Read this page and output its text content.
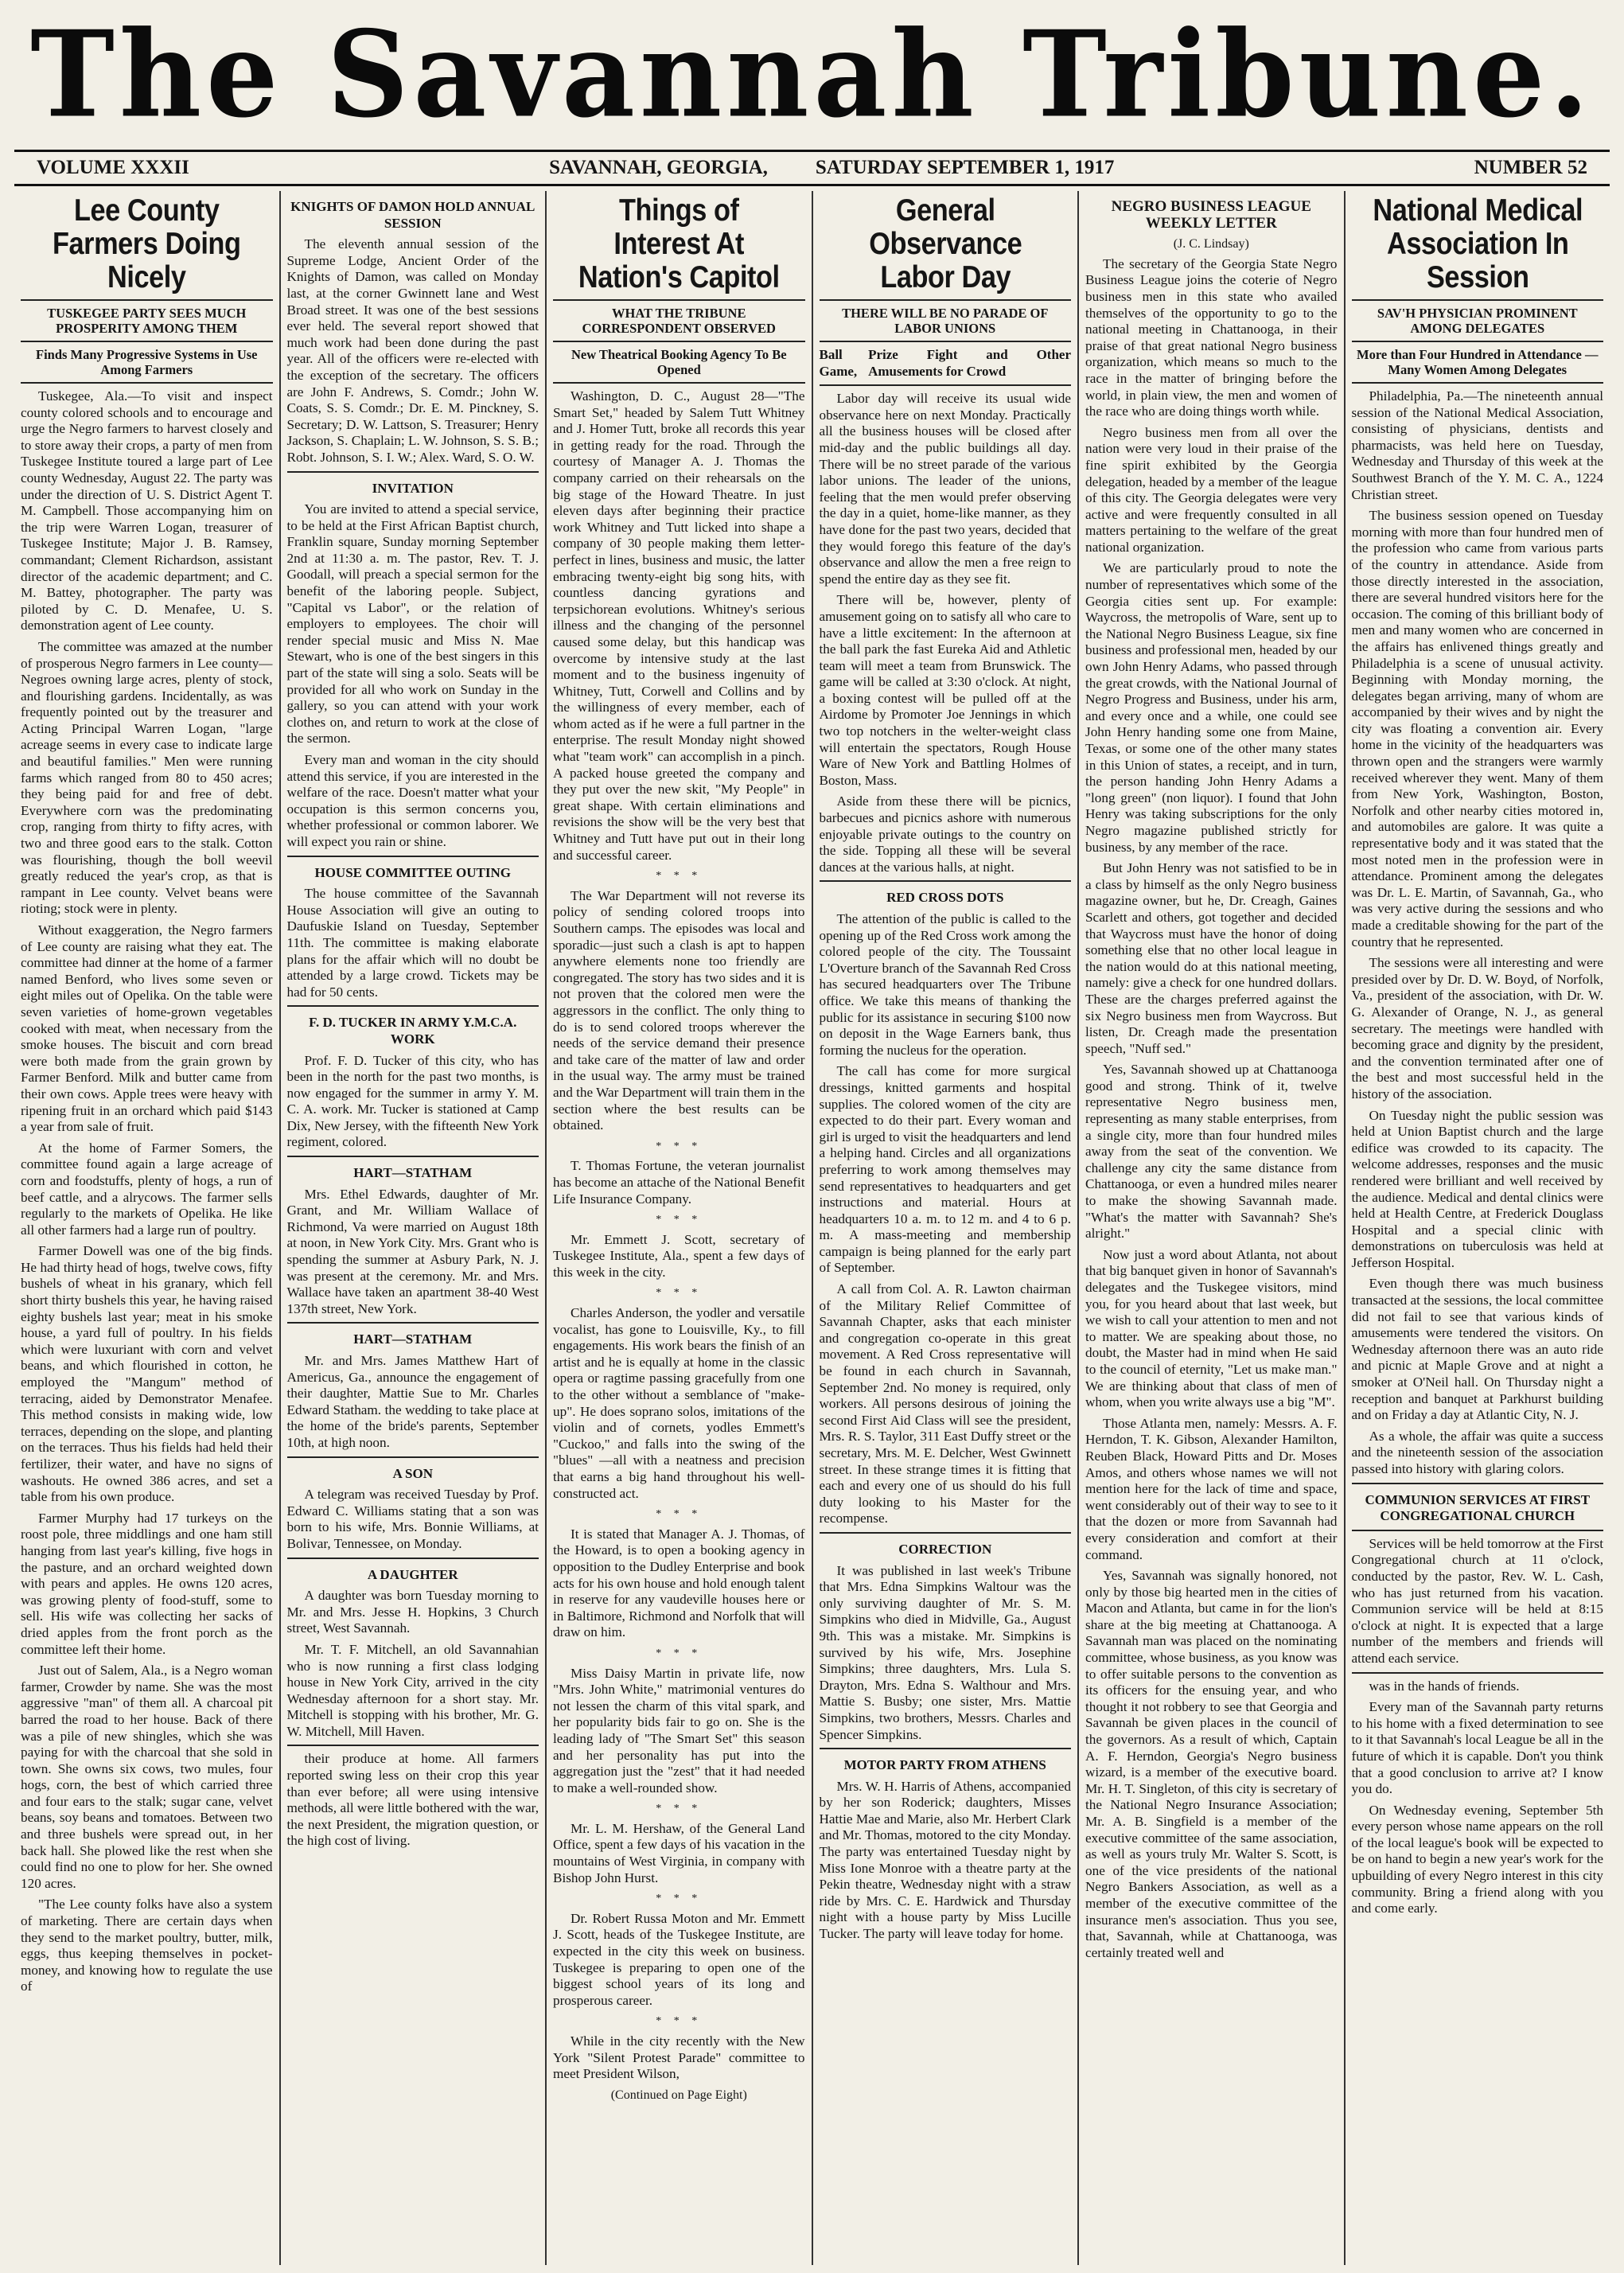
The Savannah Tribune.
VOLUME XXXII	SAVANNAH, GEORGIA, SATURDAY SEPTEMBER 1, 1917	NUMBER 52
Lee County Farmers Doing Nicely
TUSKEGEE PARTY SEES MUCH PROSPERITY AMONG THEM
Finds Many Progressive Systems in Use Among Farmers

Tuskegee, Ala.—To visit and inspect county colored schools and to encourage and urge the Negro farmers to harvest closely and to store away their crops, a party of men from Tuskegee Institute toured a large part of Lee county Wednesday, August 22. The party was under the direction of U. S. District Agent T. M. Campbell. Those accompanying him on the trip were Warren Logan, treasurer of Tuskegee Institute; Major J. B. Ramsey, commandant; Clement Richardson, assistant director of the academic department; and C. M. Battey, photographer. The party was piloted by C. D. Menafee, U. S. demonstration agent of Lee county.

The committee was amazed at the number of prosperous Negro farmers in Lee county—Negroes owning large acres, plenty of stock, and flourishing gardens. Incidentally, as was frequently pointed out by the treasurer and Acting Principal Warren Logan, "large acreage seems in every case to indicate large and beautiful families." Men were running farms which ranged from 80 to 450 acres; they being paid for and free of debt. Everywhere corn was the predominating crop, ranging from thirty to fifty acres, with two and three good ears to the stalk. Cotton was flourishing, though the boll weevil greatly reduced the year's crop, as that is rampant in Lee county. Velvet beans were rioting; stock were in plenty.

Without exaggeration, the Negro farmers of Lee county are raising what they eat. The committee had dinner at the home of a farmer named Benford, who lives some seven or eight miles out of Opelika. On the table were seven varieties of home-grown vegetables cooked with meat, when necessary from the smoke houses. The biscuit and corn bread were both made from the grain grown by Farmer Benford. Milk and butter came from their own cows. Apple trees were heavy with ripening fruit in an orchard which paid $143 a year from sale of fruit.

At the home of Farmer Somers, the committee found again a large acreage of corn and foodstuffs, plenty of hogs, a run of beef cattle, and a alrycows. The farmer sells regularly to the markets of Opelika. He like all other farmers had a large run of poultry.

Farmer Dowell was one of the big finds. He had thirty head of hogs, twelve cows, fifty bushels of wheat in his granary, which fell short thirty bushels this year, he having raised eighty bushels last year; meat in his smoke house, a yard full of poultry. In his fields which were luxuriant with corn and velvet beans, and which flourished in cotton, he employed the "Mangum" method of terracing, aided by Demonstrator Menafee. This method consists in making wide, low terraces, depending on the slope, and planting on the terraces. Thus his fields had held their fertilizer, their water, and have no signs of washouts. He owned 386 acres, and set a table from his own produce.

Farmer Murphy had 17 turkeys on the roost pole, three middlings and one ham still hanging from last year's killing, five hogs in the pasture, and an orchard weighted down with pears and apples. He owns 120 acres, was growing plenty of food-stuff, some to sell. His wife was collecting her sacks of dried apples from the front porch as the committee left their home.

Just out of Salem, Ala., is a Negro woman farmer, Crowder by name. She was the most aggressive "man" of them all. A charcoal pit barred the road to her house. Back of there was a pile of new shingles, which she was paying for with the charcoal that she sold in town. She owns six cows, two mules, four hogs, corn, the best of which carried three and four ears to the stalk; sugar cane, velvet beans, soy beans and tomatoes. Between two and three bushels were spread out, in her back hall. She plowed like the rest when she could find no one to plow for her. She owned 120 acres.

"The Lee county folks have also a system of marketing. There are certain days when they send to the market poultry, butter, milk, eggs, thus keeping themselves in pocket-money, and knowing how to regulate the use of

KNIGHTS OF DAMON HOLD ANNUAL SESSION

The eleventh annual session of the Supreme Lodge, Ancient Order of the Knights of Damon, was called on Monday last, at the corner Gwinnett lane and West Broad street. It was one of the best sessions ever held. The several report showed that much work had been done during the past year. All of the officers were re-elected with the exception of the secretary. The officers are John F. Andrews, S. Comdr.; John W. Coats, S. S. Comdr.; Dr. E. M. Pinckney, S. Secretary; D. W. Lattson, S. Treasurer; Henry Jackson, S. Chaplain; L. W. Johnson, S. S. B.; Robt. Johnson, S. I. W.; Alex. Ward, S. O. W.

INVITATION

You are invited to attend a special service, to be held at the First African Baptist church, Franklin square, Sunday morning September 2nd at 11:30 a. m. The pastor, Rev. T. J. Goodall, will preach a special sermon for the benefit of the laboring people. Subject, "Capital vs Labor", or the relation of employers to employees. The choir will render special music and Miss N. Mae Stewart, who is one of the best singers in this part of the state will sing a solo. Seats will be provided for all who work on Sunday in the gallery, so you can attend with your work clothes on, and return to work at the close of the sermon.

Every man and woman in the city should attend this service, if you are interested in the welfare of the race. Doesn't matter what your occupation is this sermon concerns you, whether professional or common laborer. We will expect you rain or shine.

HOUSE COMMITTEE OUTING

The house committee of the Savannah House Association will give an outing to Daufuskie Island on Tuesday, September 11th. The committee is making elaborate plans for the affair which will no doubt be attended by a large crowd. Tickets may be had for 50 cents.

F. D. TUCKER IN ARMY Y.M.C.A. WORK

Prof. F. D. Tucker of this city, who has been in the north for the past two months, is now engaged for the summer in army Y. M. C. A. work. Mr. Tucker is stationed at Camp Dix, New Jersey, with the fifteenth New York regiment, colored.

HART—STATHAM

Mrs. Ethel Edwards, daughter of Mr. Grant, and Mr. William Wallace of Richmond, Va were married on August 18th at noon, in New York City. Mrs. Grant who is spending the summer at Asbury Park, N. J. was present at the ceremony. Mr. and Mrs. Wallace have taken an apartment 38-40 West 137th street, New York.

HART—STATHAM

Mr. and Mrs. James Matthew Hart of Americus, Ga., announce the engagement of their daughter, Mattie Sue to Mr. Charles Edward Statham. the wedding to take place at the home of the bride's parents, September 10th, at high noon.

A SON

A telegram was received Tuesday by Prof. Edward C. Williams stating that a son was born to his wife, Mrs. Bonnie Williams, at Bolivar, Tennessee, on Monday.

A DAUGHTER

A daughter was born Tuesday morning to Mr. and Mrs. Jesse H. Hopkins, 3 Church street, West Savannah.

Mr. T. F. Mitchell, an old Savannahian who is now running a first class lodging house in New York City, arrived in the city Wednesday afternoon for a short stay. Mr. Mitchell is stopping with his brother, Mr. G. W. Mitchell, Mill Haven.

their produce at home. All farmers reported swing less on their crop this year than ever before; all were using intensive methods, all were little bothered with the war, the next President, the migration question, or the high cost of living.

Things of Interest At Nation's Capitol
WHAT THE TRIBUNE CORRESPONDENT OBSERVED
New Theatrical Booking Agency To Be Opened

Washington, D. C., August 28—"The Smart Set," headed by Salem Tutt Whitney and J. Homer Tutt, broke all records this year in getting ready for the road. Through the courtesy of Manager A. J. Thomas the company carried on their rehearsals on the big stage of the Howard Theatre. In just eleven days after beginning their practice work Whitney and Tutt licked into shape a company of 30 people making them letter-perfect in lines, business and music, the latter embracing twenty-eight big song hits, with countless dancing gyrations and terpsichorean evolutions. Whitney's serious illness and the changing of the personnel caused some delay, but this handicap was overcome by intensive study at the last moment and to the business ingenuity of Whitney, Tutt, Corwell and Collins and by the willingness of every member, each of whom acted as if he were a full partner in the enterprise. The result Monday night showed what "team work" can accomplish in a pinch. A packed house greeted the company and they put over the new skit, "My People" in great shape. With certain eliminations and revisions the show will be the very best that Whitney and Tutt have put out in their long and successful career.

* * *

The War Department will not reverse its policy of sending colored troops into Southern camps. The episodes was local and sporadic—just such a clash is apt to happen anywhere elements none too friendly are congregated. The story has two sides and it is not proven that the colored men were the aggressors in the conflict. The only thing to do is to send colored troops wherever the needs of the service demand their presence and take care of the matter of law and order in the usual way. The army must be trained and the War Department will train them in the section where the best results can be obtained.

* * *

T. Thomas Fortune, the veteran journalist has become an attache of the National Benefit Life Insurance Company.

* * *

Mr. Emmett J. Scott, secretary of Tuskegee Institute, Ala., spent a few days of this week in the city.

* * *

Charles Anderson, the yodler and versatile vocalist, has gone to Louisville, Ky., to fill engagements. His work bears the finish of an artist and he is equally at home in the classic opera or ragtime passing gracefully from one to the other without a semblance of "make-up". He does soprano solos, imitations of the violin and of cornets, yodles Emmett's "Cuckoo," and falls into the swing of the "blues" —all with a neatness and precision that earns a big hand throughout his well-constructed act.

* * *

It is stated that Manager A. J. Thomas, of the Howard, is to open a booking agency in opposition to the Dudley Enterprise and book acts for his own house and hold enough talent in reserve for any vaudeville houses here or in Baltimore, Richmond and Norfolk that will draw on him.

* * *

Miss Daisy Martin in private life, now "Mrs. John White," matrimonial ventures do not lessen the charm of this vital spark, and her popularity bids fair to go on. She is the leading lady of "The Smart Set" this season and her personality has put into the aggregation just the "zest" that it had needed to make a well-rounded show.

* * *

Mr. L. M. Hershaw, of the General Land Office, spent a few days of his vacation in the mountains of West Virginia, in company with Bishop John Hurst.

* * *

Dr. Robert Russa Moton and Mr. Emmett J. Scott, heads of the Tuskegee Institute, are expected in the city this week on business. Tuskegee is preparing to open one of the biggest school years of its long and prosperous career.

* * *

While in the city recently with the New York "Silent Protest Parade" committee to meet President Wilson,

(Continued on Page Eight)
General Observance Labor Day
THERE WILL BE NO PARADE OF LABOR UNIONS
Ball Game,
Prize Fight and Other Amusements for Crowd

Labor day will receive its usual wide observance here on next Monday. Practically all the business houses will be closed after mid-day and the public buildings all day. There will be no street parade of the various labor unions. The leader of the unions, feeling that the men would prefer observing the day in a quiet, home-like manner, as they have done for the past two years, decided that they would forego this feature of the day's observance and allow the men a free reign to spend the entire day as they see fit.

There will be, however, plenty of amusement going on to satisfy all who care to have a little excitement: In the afternoon at the ball park the fast Eureka Aid and Athletic team will meet a team from Brunswick. The game will be called at 3:30 o'clock. At night, a boxing contest will be pulled off at the Airdome by Promoter Joe Jennings in which two top notchers in the welter-weight class will entertain the spectators, Rough House Ware of New York and Battling Holmes of Boston, Mass.

Aside from these there will be picnics, barbecues and picnics ashore with numerous enjoyable private outings to the country on the side. Topping all these will be several dances at the various halls, at night.

RED CROSS DOTS

The attention of the public is called to the opening up of the Red Cross work among the colored people of the city. The Toussaint L'Overture branch of the Savannah Red Cross has secured headquarters over The Tribune office. We take this means of thanking the public for its assistance in securing $100 now on deposit in the Wage Earners bank, thus forming the nucleus for the operation.

The call has come for more surgical dressings, knitted garments and hospital supplies. The colored women of the city are expected to do their part. Every woman and girl is urged to visit the headquarters and lend a helping hand. Circles and all organizations preferring to work among themselves may send representatives to headquarters and get instructions and material. Hours at headquarters 10 a. m. to 12 m. and 4 to 6 p. m. A mass-meeting and membership campaign is being planned for the early part of September.

A call from Col. A. R. Lawton chairman of the Military Relief Committee of Savannah Chapter, asks that each minister and congregation co-operate in this great movement. A Red Cross representative will be found in each church in Savannah, September 2nd. No money is required, only workers. All persons desirous of joining the second First Aid Class will see the president, Mrs. R. S. Taylor, 311 East Duffy street or the secretary, Mrs. M. E. Delcher, West Gwinnett street. In these strange times it is fitting that each and every one of us should do his full duty looking to his Master for the recompense.

CORRECTION

It was published in last week's Tribune that Mrs. Edna Simpkins Waltour was the only surviving daughter of Mr. S. M. Simpkins who died in Midville, Ga., August 9th. This was a mistake. Mr. Simpkins is survived by his wife, Mrs. Josephine Simpkins; three daughters, Mrs. Lula S. Drayton, Mrs. Edna S. Walthour and Mrs. Mattie S. Busby; one sister, Mrs. Mattie Simpkins, two brothers, Messrs. Charles and Spencer Simpkins.

MOTOR PARTY FROM ATHENS

Mrs. W. H. Harris of Athens, accompanied by her son Roderick; daughters, Misses Hattie Mae and Marie, also Mr. Herbert Clark and Mr. Thomas, motored to the city Monday. The party was entertained Tuesday night by Miss Ione Monroe with a theatre party at the Pekin theatre, Wednesday night with a straw ride by Mrs. C. E. Hardwick and Thursday night with a house party by Miss Lucille Tucker. The party will leave today for home.

NEGRO BUSINESS LEAGUE WEEKLY LETTER
(J. C. Lindsay)

The secretary of the Georgia State Negro Business League joins the coterie of Negro business men in this state who availed themselves of the opportunity to go to the national meeting in Chattanooga, in their praise of that great national Negro business organization, which means so much to the race in the matter of bringing before the world, in plain view, the men and women of the race who are doing things worth while.

Negro business men from all over the nation were very loud in their praise of the fine spirit exhibited by the Georgia delegation, headed by a member of the league of this city. The Georgia delegates were very active and were frequently consulted in all matters pertaining to the welfare of the great national organization.

We are particularly proud to note the number of representatives which some of the Georgia cities sent up. For example: Waycross, the metropolis of Ware, sent up to the National Negro Business League, six fine business and professional men, headed by our own John Henry Adams, who passed through the great crowds, with the National Journal of Negro Progress and Business, under his arm, and every once and a while, one could see John Henry handing some one from Maine, Texas, or some one of the other many states in this Union of states, a receipt, and in turn, the person handing John Henry Adams a "long green" (non liquor). I found that John Henry was taking subscriptions for the only Negro magazine published strictly for business, by any member of the race.

But John Henry was not satisfied to be in a class by himself as the only Negro business magazine owner, but he, Dr. Creagh, Gaines Scarlett and others, got together and decided that Waycross must have the honor of doing something else that no other local league in the nation would do at this national meeting, namely: give a check for one hundred dollars. These are the charges preferred against the six Negro business men from Waycross. But listen, Dr. Creagh made the presentation speech, "Nuff sed."

Yes, Savannah showed up at Chattanooga good and strong. Think of it, twelve representative Negro business men, representing as many stable enterprises, from a single city, more than four hundred miles away from the seat of the convention. We challenge any city the same distance from Chattanooga, or even a hundred miles nearer to make the showing Savannah made. "What's the matter with Savannah? She's alright."

Now just a word about Atlanta, not about that big banquet given in honor of Savannah's delegates and the Tuskegee visitors, mind you, for you heard about that last week, but we wish to call your attention to men and not to matter. We are speaking about those, no doubt, the Master had in mind when He said to the council of eternity, "Let us make man." We are thinking about that class of men of whom, when you write always use a big "M".

Those Atlanta men, namely: Messrs. A. F. Herndon, T. K. Gibson, Alexander Hamilton, Reuben Black, Howard Pitts and Dr. Moses Amos, and others whose names we will not mention here for the lack of time and space, went considerably out of their way to see to it that the dozen or more from Savannah had every consideration and comfort at their command.

Yes, Savannah was signally honored, not only by those big hearted men in the cities of Macon and Atlanta, but came in for the lion's share at the big meeting at Chattanooga. A Savannah man was placed on the nominating committee, whose business, as you know was to offer suitable persons to the convention as its officers for the ensuing year, and who thought it not robbery to see that Georgia and Savannah be given places in the council of the governors. As a result of which, Captain A. F. Herndon, Georgia's Negro business wizard, is a member of the executive board. Mr. H. T. Singleton, of this city is secretary of the National Negro Insurance Association; Mr. A. B. Singfield is a member of the executive committee of the same association, as well as yours truly Mr. Walter S. Scott, is one of the vice presidents of the national Negro Bankers Association, as well as a member of the executive committee of the insurance men's association. Thus you see, that, Savannah, while at Chattanooga, was certainly treated well and

National Medical Association In Session
SAV'H PHYSICIAN PROMINENT AMONG DELEGATES
More than Four Hundred in Attendance —Many Women Among Delegates

Philadelphia, Pa.—The nineteenth annual session of the National Medical Association, consisting of physicians, dentists and pharmacists, was held here on Tuesday, Wednesday and Thursday of this week at the Southwest Branch of the Y. M. C. A., 1224 Christian street.

The business session opened on Tuesday morning with more than four hundred men of the profession who came from various parts of the country in attendance. Aside from those directly interested in the association, there are several hundred visitors here for the occasion. The coming of this brilliant body of men and many women who are concerned in the affairs has enlivened things greatly and Philadelphia is a scene of unusual activity. Beginning with Monday morning, the delegates began arriving, many of whom are accompanied by their wives and by night the city was floating a convention air. Every home in the vicinity of the headquarters was thrown open and the strangers were warmly received wherever they went. Many of them from New York, Washington, Boston, Norfolk and other nearby cities motored in, and automobiles are galore. It was quite a representative body and it was stated that the most noted men in the profession were in attendance. Prominent among the delegates was Dr. L. E. Martin, of Savannah, Ga., who was very active during the sessions and who made a creditable showing for the part of the country that he represented.

The sessions were all interesting and were presided over by Dr. D. W. Boyd, of Norfolk, Va., president of the association, with Dr. W. G. Alexander of Orange, N. J., as general secretary. The meetings were handled with becoming grace and dignity by the president, and the convention terminated after one of the best and most successful held in the history of the association.

On Tuesday night the public session was held at Union Baptist church and the large edifice was crowded to its capacity. The welcome addresses, responses and the music rendered were brilliant and well received by the audience. Medical and dental clinics were held at Health Centre, at Frederick Douglass Hospital and a special clinic with demonstrations on tuberculosis was held at Jefferson Hospital.

Even though there was much business transacted at the sessions, the local committee did not fail to see that various kinds of amusements were tendered the visitors. On Wednesday afternoon there was an auto ride and picnic at Maple Grove and at night a smoker at O'Neil hall. On Thursday night a reception and banquet at Parkhurst building and on Friday a day at Atlantic City, N. J.

As a whole, the affair was quite a success and the nineteenth session of the association passed into history with glaring colors.

COMMUNION SERVICES AT FIRST CONGREGATIONAL CHURCH

Services will be held tomorrow at the First Congregational church at 11 o'clock, conducted by the pastor, Rev. W. L. Cash, who has just returned from his vacation. Communion service will be held at 8:15 o'clock at night. It is expected that a large number of the members and friends will attend each service.

was in the hands of friends.

Every man of the Savannah party returns to his home with a fixed determination to see to it that Savannah's local League be all in the future of which it is capable. Don't you think that a good conclusion to arrive at? I know you do.

On Wednesday evening, September 5th every person whose name appears on the roll of the local league's book will be expected to be on hand to begin a new year's work for the upbuilding of every Negro interest in this city community. Bring a friend along with you and come early.
